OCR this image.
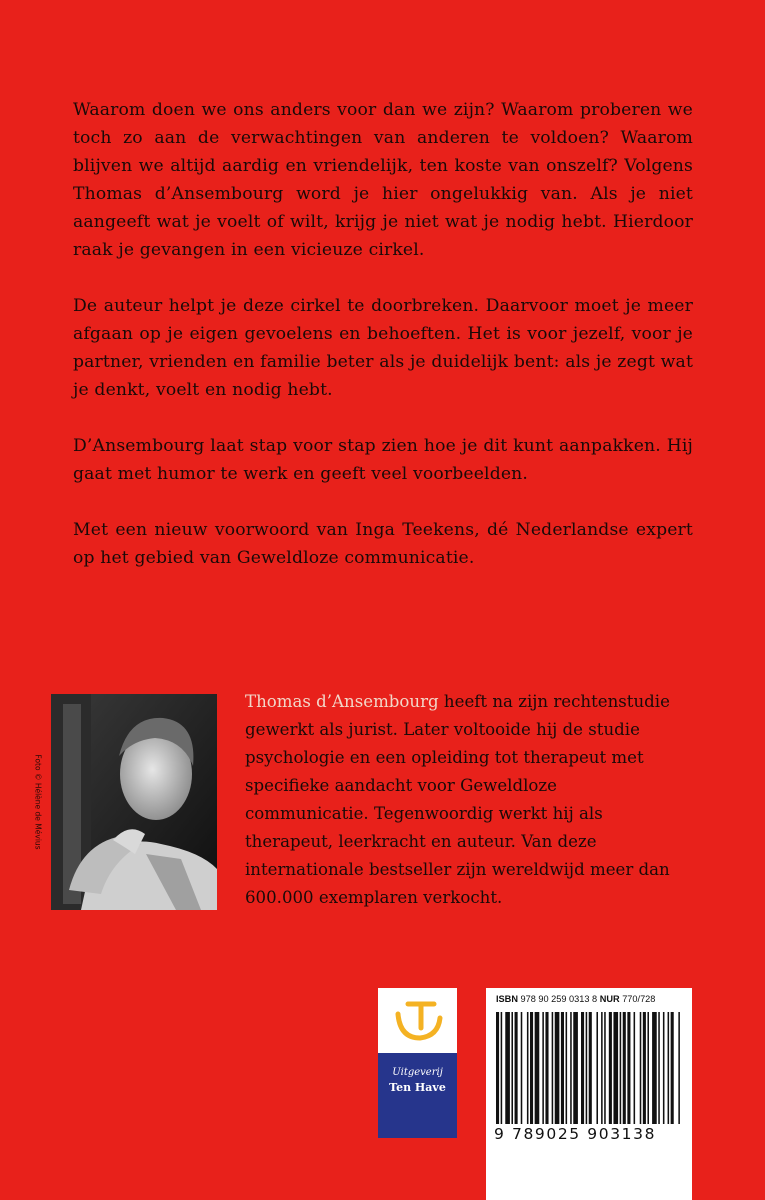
Waarom doen we ons anders voor dan we zijn? Waarom proberen we toch zo aan de verwachtingen van anderen te voldoen? Waarom blijven we altijd aardig en vriendelijk, ten koste van onszelf? Volgens Thomas d’Ansembourg word je hier ongelukkig van. Als je niet aangeeft wat je voelt of wilt, krijg je niet wat je nodig hebt. Hierdoor raak je gevangen in een vicieuze cirkel.

De auteur helpt je deze cirkel te doorbreken. Daarvoor moet je meer afgaan op je eigen gevoelens en behoeften. Het is voor jezelf, voor je partner, vrienden en familie beter als je duidelijk bent: als je zegt wat je denkt, voelt en nodig hebt.

D’Ansembourg laat stap voor stap zien hoe je dit kunt aanpakken. Hij gaat met humor te werk en geeft veel voorbeelden.

Met een nieuw voorwoord van Inga Teekens, dé Nederlandse expert op het gebied van Geweldloze communicatie.

Foto © Hélène de Mévius
Thomas d’Ansembourg heeft na zijn rechtenstudie gewerkt als jurist. Later voltooide hij de studie psychologie en een opleiding tot therapeut met specifieke aandacht voor Geweldloze communicatie. Tegenwoordig werkt hij als therapeut, leerkracht en auteur. Van deze internationale bestseller zijn wereldwijd meer dan 600.000 exemplaren verkocht.
Uitgeverij
Ten Have
ISBN 978 90 259 0313 8 NUR 770/728
9 789025 903138
